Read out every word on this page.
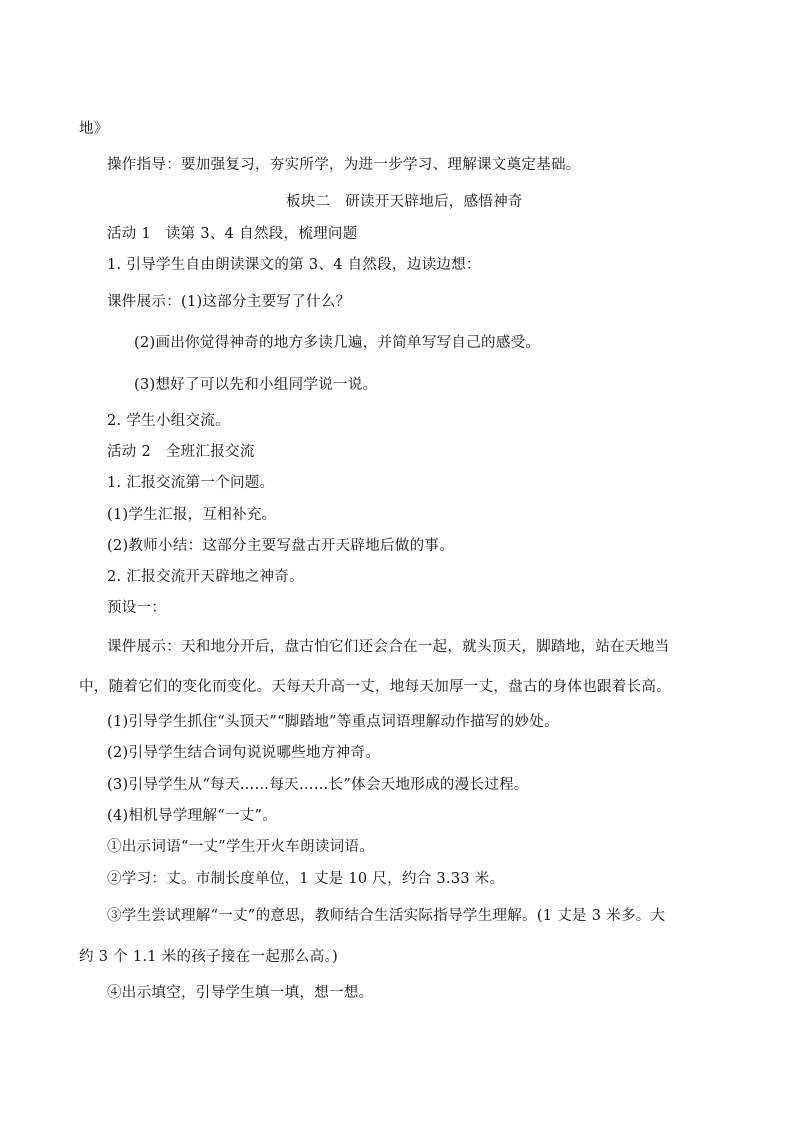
地》
操作指导：要加强复习，夯实所学，为进一步学习、理解课文奠定基础。
板块二　研读开天辟地后，感悟神奇
活动 1　读第 3、4 自然段，梳理问题
1. 引导学生自由朗读课文的第 3、4 自然段，边读边想：
课件展示：(1)这部分主要写了什么？
(2)画出你觉得神奇的地方多读几遍，并简单写写自己的感受。
(3)想好了可以先和小组同学说一说。
2. 学生小组交流。
活动 2　全班汇报交流
1. 汇报交流第一个问题。
(1)学生汇报，互相补充。
(2)教师小结：这部分主要写盘古开天辟地后做的事。
2. 汇报交流开天辟地之神奇。
预设一：
课件展示：天和地分开后，盘古怕它们还会合在一起，就头顶天，脚踏地，站在天地当
中，随着它们的变化而变化。天每天升高一丈，地每天加厚一丈，盘古的身体也跟着长高。
(1)引导学生抓住“头顶天”“脚踏地”等重点词语理解动作描写的妙处。
(2)引导学生结合词句说说哪些地方神奇。
(3)引导学生从“每天……每天……长”体会天地形成的漫长过程。
(4)相机导学理解“一丈”。
①出示词语“一丈”学生开火车朗读词语。
②学习：丈。市制长度单位，1 丈是 10 尺，约合 3.33 米。
③学生尝试理解“一丈”的意思，教师结合生活实际指导学生理解。(1 丈是 3 米多。大
约 3 个 1.1 米的孩子接在一起那么高。)
④出示填空，引导学生填一填，想一想。
